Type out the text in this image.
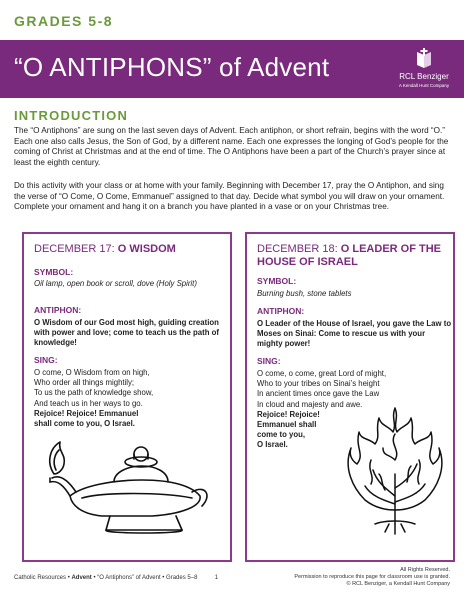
GRADES 5-8
“O ANTIPHONS” of Advent	RCL Benziger
A Kendall Hunt Company
INTRODUCTION
The “O Antiphons” are sung on the last seven days of Advent. Each antiphon, or short refrain, begins with the word “O.” Each one also calls Jesus, the Son of God, by a different name. Each one expresses the longing of God’s people for the coming of Christ at Christmas and at the end of time. The O Antiphons have been a part of the Church’s prayer since at least the eighth century.
Do this activity with your class or at home with your family. Beginning with December 17, pray the O Antiphon, and sing the verse of “O Come, O Come, Emmanuel” assigned to that day. Decide what symbol you will draw on your ornament. Complete your ornament and hang it on a branch you have planted in a vase or on your Christmas tree.
DECEMBER 17: O WISDOM
SYMBOL:
Oil lamp, open book or scroll, dove (Holy Spirit)
ANTIPHON:
O Wisdom of our God most high, guiding creation with power and love; come to teach us the path of knowledge!
SING:
O come, O Wisdom from on high,
Who order all things mightily;
To us the path of knowledge show,
And teach us in her ways to go.
Rejoice! Rejoice! Emmanuel
shall come to you, O Israel.
DECEMBER 18: O LEADER OF THE HOUSE OF ISRAEL
SYMBOL:
Burning bush, stone tablets
ANTIPHON:
O Leader of the House of Israel, you gave the Law to Moses on Sinai: Come to rescue us with your mighty power!
SING:
O come, o come, great Lord of might,
Who to your tribes on Sinai’s height
In ancient times once gave the Law
In cloud and majesty and awe.
Rejoice! Rejoice!
Emmanuel shall
come to you,
O Israel.
Catholic Resources • Advent • “O Antiphons” of Advent • Grades 5–8	1
All Rights Reserved.
Permission to reproduce this page for classroom use is granted.
© RCL Benziger, a Kendall Hunt Company
